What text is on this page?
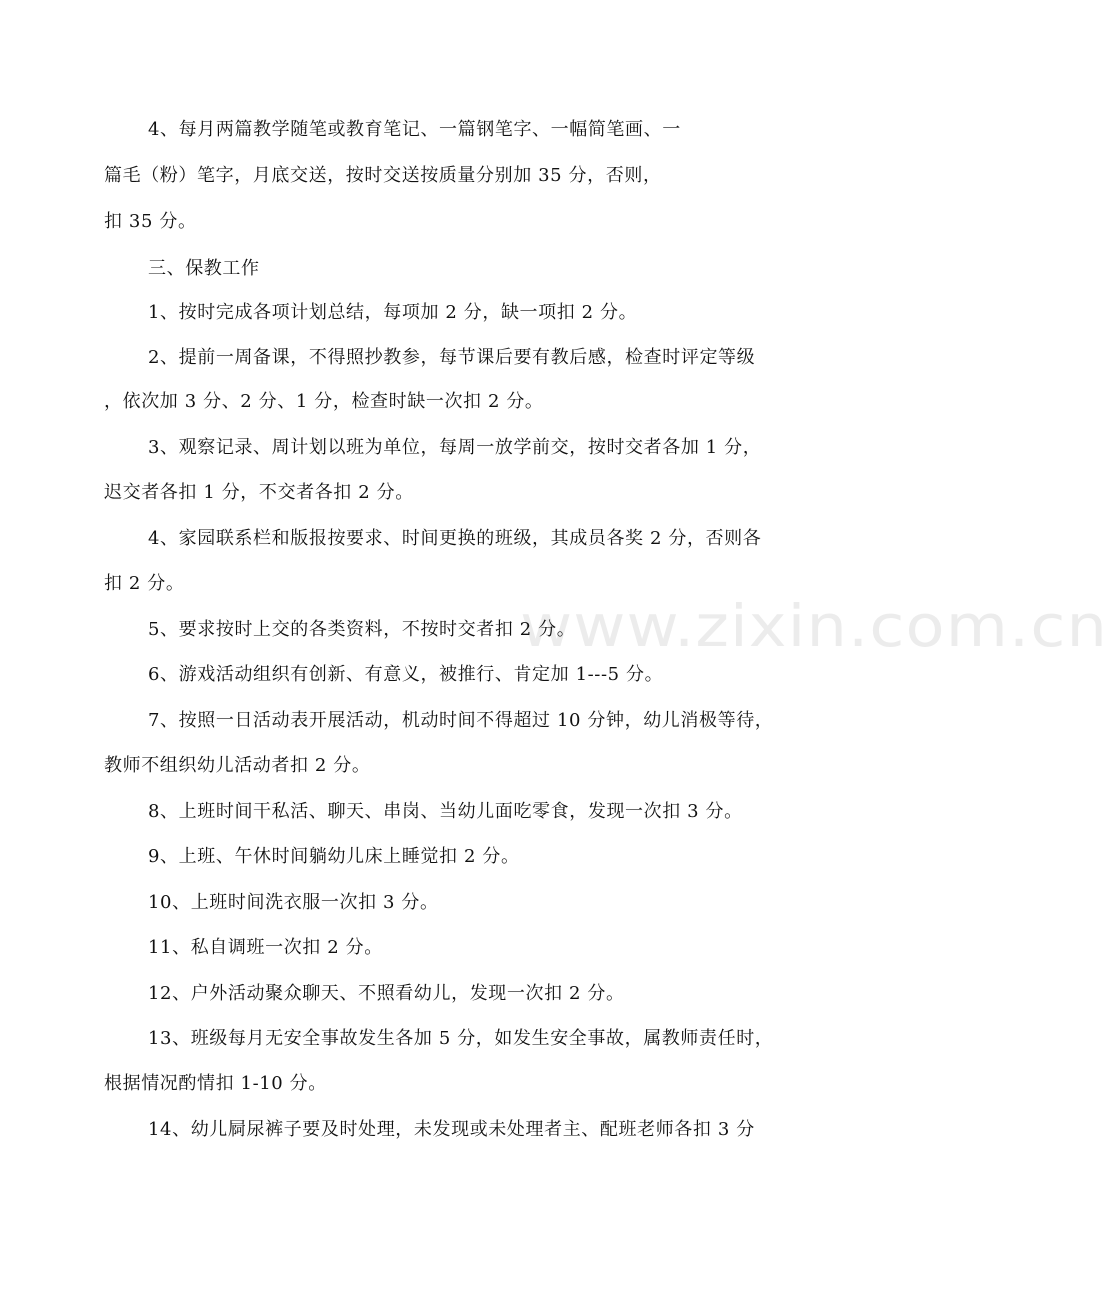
www.zixin.com.cn
4、每月两篇教学随笔或教育笔记、一篇钢笔字、一幅简笔画、一
篇毛（粉）笔字，月底交送，按时交送按质量分别加 35 分，否则，
扣 35 分。
三、保教工作
1、按时完成各项计划总结，每项加 2 分，缺一项扣 2 分。
2、提前一周备课，不得照抄教参，每节课后要有教后感，检查时评定等级
，依次加 3 分、2 分、1 分，检查时缺一次扣 2 分。
3、观察记录、周计划以班为单位，每周一放学前交，按时交者各加 1 分，
迟交者各扣 1 分，不交者各扣 2 分。
4、家园联系栏和版报按要求、时间更换的班级，其成员各奖 2 分，否则各
扣 2 分。
5、要求按时上交的各类资料，不按时交者扣 2 分。
6、游戏活动组织有创新、有意义，被推行、肯定加 1---5 分。
7、按照一日活动表开展活动，机动时间不得超过 10 分钟，幼儿消极等待，
教师不组织幼儿活动者扣 2 分。
8、上班时间干私活、聊天、串岗、当幼儿面吃零食，发现一次扣 3 分。
9、上班、午休时间躺幼儿床上睡觉扣 2 分。
10、上班时间洗衣服一次扣 3 分。
11、私自调班一次扣 2 分。
12、户外活动聚众聊天、不照看幼儿，发现一次扣 2 分。
13、班级每月无安全事故发生各加 5 分，如发生安全事故，属教师责任时，
根据情况酌情扣 1-10 分。
14、幼儿屙尿裤子要及时处理，未发现或未处理者主、配班老师各扣 3 分
